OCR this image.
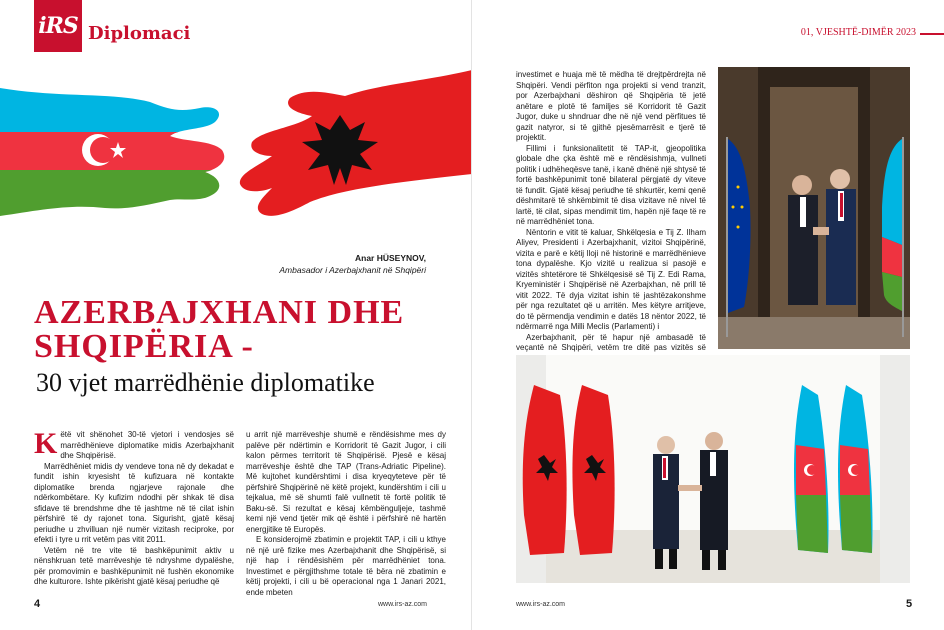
iRS Diplomaci
Anar HÜSEYNOV,
Ambasador i Azerbajxhanit në Shqipëri
AZERBAJXHANI DHE
SHQIPËRIA -
30 vjet marrëdhënie diplomatike

Këtë vit shënohet 30-të vjetori i vendosjes së marrëdhënieve diplomatike midis Azerbajxhanit dhe Shqipërisë.

Marrëdhëniet midis dy vendeve tona në dy dekadat e fundit ishin kryesisht të kufizuara në kontakte diplomatike brenda ngjarjeve rajonale dhe ndërkombëtare. Ky kufizim ndodhi për shkak të disa sfidave të brendshme dhe të jashtme në të cilat ishin përfshirë të dy rajonet tona. Sigurisht, gjatë kësaj periudhe u zhvilluan një numër vizitash reciproke, por efekti i tyre u rrit vetëm pas vitit 2011.

Vetëm në tre vite të bashkëpunimit aktiv u nënshkruan tetë marrëveshje të ndryshme dypalëshe, për promovimin e bashkëpunimit në fushën ekonomike dhe kulturore. Ishte pikërisht gjatë kësaj periudhe që

u arrit një marrëveshje shumë e rëndësishme mes dy palëve për ndërtimin e Korridorit të Gazit Jugor, i cili kalon përmes territorit të Shqipërisë. Pjesë e kësaj marrëveshje është dhe TAP (Trans-Adriatic Pipeline). Më kujtohet kundërshtimi i disa kryeqyteteve për të përfshirë Shqipërinë në këtë projekt, kundërshtim i cili u tejkalua, më së shumti falë vullnetit të fortë politik të Baku-së. Si rezultat e kësaj këmbënguljeje, tashmë kemi një vend tjetër mik që është i përfshirë në hartën energjitike të Europës.

E konsiderojmë zbatimin e projektit TAP, i cili u kthye në një urë fizike mes Azerbajxhanit dhe Shqipërisë, si një hap i rëndësishëm për marrëdhëniet tona. Investimet e përgjithshme totale të bëra në zbatimin e këtij projekti, i cili u bë operacional nga 1 Janari 2021, ende mbeten

4	www.irs-az.com
01, VJESHTË-DIMËR 2023

investimet e huaja më të mëdha të drejtpërdrejta në Shqipëri. Vendi përfiton nga projekti si vend tranzit, por Azerbajxhani dëshiron që Shqipëria të jetë anëtare e plotë të familjes së Korridorit të Gazit Jugor, duke u shndruar dhe në një vend përfitues të gazit natyror, si të gjithë pjesëmarrësit e tjerë të projektit.

Fillimi i funksionalitetit të TAP-it, gjeopolitika globale dhe çka është më e rëndësishmja, vullneti politik i udhëheqësve tanë, i kanë dhënë një shtysë të fortë bashkëpunimit tonë bilateral përgjatë dy viteve të fundit. Gjatë kësaj periudhe të shkurtër, kemi qenë dëshmitarë të shkëmbimit të disa vizitave në nivel të lartë, të cilat, sipas mendimit tim, hapën një faqe të re në marrëdhëniet tona.

Nëntorin e vitit të kaluar, Shkëlqesia e Tij Z. Ilham Aliyev, Presidenti i Azerbajxhanit, vizitoi Shqipërinë, vizita e parë e këtij lloji në historinë e marrëdhënieve tona dypalëshe. Kjo vizitë u realizua si pasojë e vizitës shtetërore të Shkëlqesisë së Tij Z. Edi Rama, Kryeministër i Shqipërisë në Azerbajxhan, në prill të vitit 2022. Të dyja vizitat ishin të jashtëzakonshme për nga rezultatet që u arritën. Mes këtyre arritjeve, do të përmendja vendimin e datës 18 nëntor 2022, të ndërmarrë nga Milli Meclis (Parlamenti) i

Azerbajxhanit, për të hapur një ambasadë të veçantë në Shqipëri, vetëm tre ditë pas vizitës së

www.irs-az.com	5
